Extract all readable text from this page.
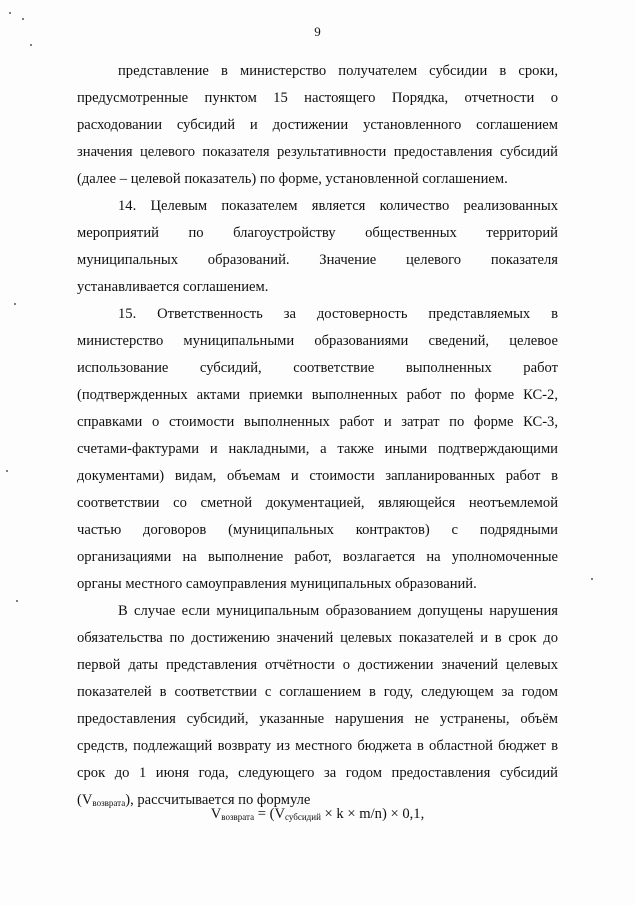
9
представление в министерство получателем субсидии в сроки,
предусмотренные пунктом 15 настоящего Порядка, отчетности о
расходовании субсидий и достижении установленного соглашением
значения целевого показателя результативности предоставления субсидий
(далее – целевой показатель) по форме, установленной соглашением.
14. Целевым показателем является количество реализованных
мероприятий по благоустройству общественных территорий
муниципальных образований. Значение целевого показателя
устанавливается соглашением.
15. Ответственность за достоверность представляемых в
министерство муниципальными образованиями сведений, целевое
использование субсидий, соответствие выполненных работ
(подтвержденных актами приемки выполненных работ по форме КС-2,
справками о стоимости выполненных работ и затрат по форме КС-3,
счетами-фактурами и накладными, а также иными подтверждающими
документами) видам, объемам и стоимости запланированных работ в
соответствии со сметной документацией, являющейся неотъемлемой
частью договоров (муниципальных контрактов) с подрядными
организациями на выполнение работ, возлагается на уполномоченные
органы местного самоуправления муниципальных образований.
В случае если муниципальным образованием допущены нарушения
обязательства по достижению значений целевых показателей и в срок до
первой даты представления отчётности о достижении значений целевых
показателей в соответствии с соглашением в году, следующем за годом
предоставления субсидий, указанные нарушения не устранены, объём
средств, подлежащий возврату из местного бюджета в областной бюджет в
срок до 1 июня года, следующего за годом предоставления субсидий
$(V_{возврата})$, рассчитывается по формуле
$V_{возврата} = (V_{субсидий} \times k \times m/n) \times 0,1$,
